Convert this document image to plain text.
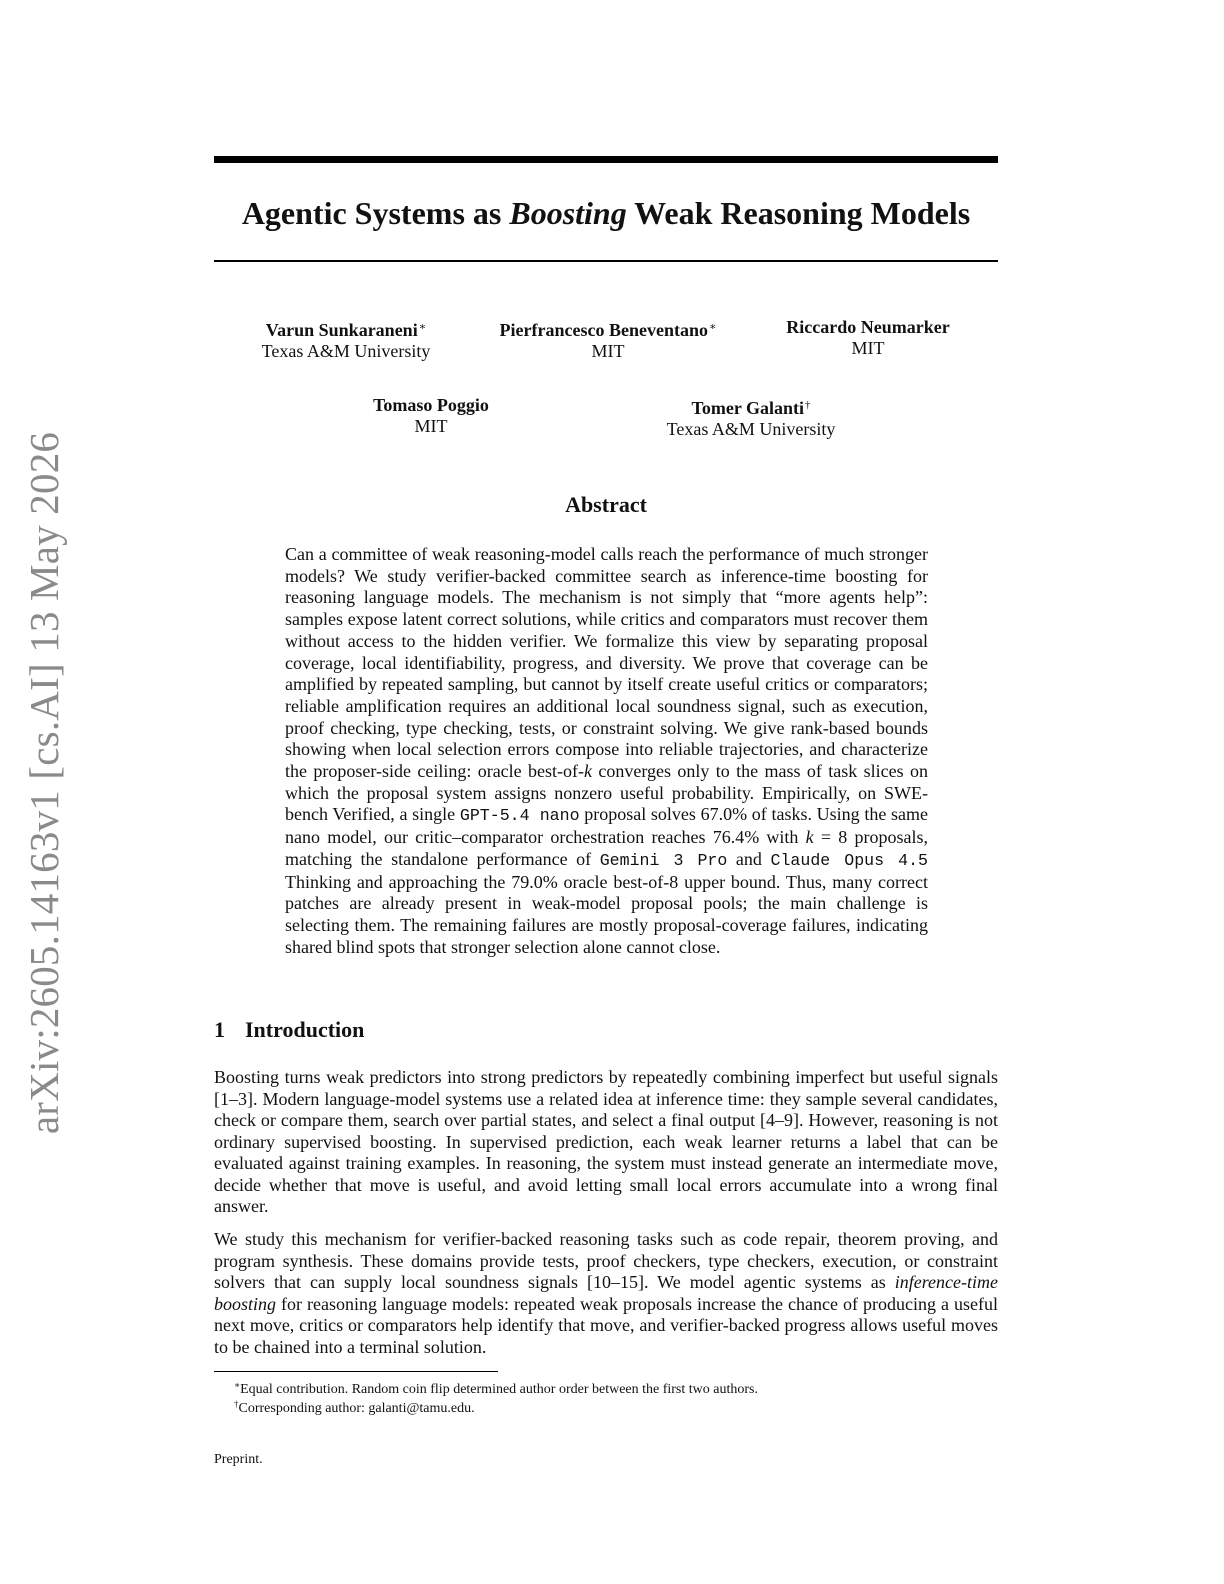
arXiv:2605.14163v1 [cs.AI] 13 May 2026
Agentic Systems as Boosting Weak Reasoning Models
Varun Sunkaraneni∗
Texas A&M University
Pierfrancesco Beneventano∗
MIT
Riccardo Neumarker
MIT
Tomaso Poggio
MIT
Tomer Galanti†
Texas A&M University
Abstract

Can a committee of weak reasoning-model calls reach the performance of much stronger models? We study verifier-backed committee search as inference-time boosting for reasoning language models. The mechanism is not simply that “more agents help”: samples expose latent correct solutions, while critics and comparators must recover them without access to the hidden verifier. We formalize this view by separating proposal coverage, local identifiability, progress, and diversity. We prove that coverage can be amplified by repeated sampling, but cannot by itself create useful critics or comparators; reliable amplification requires an additional local soundness signal, such as execution, proof checking, type checking, tests, or constraint solving. We give rank-based bounds showing when local selection errors compose into reliable trajectories, and characterize the proposer-side ceiling: oracle best-of-k converges only to the mass of task slices on which the proposal system assigns nonzero useful probability. Empirically, on SWE-bench Verified, a single GPT-5.4 nano proposal solves 67.0% of tasks. Using the same nano model, our critic–comparator orchestration reaches 76.4% with k = 8 proposals, matching the standalone performance of Gemini 3 Pro and Claude Opus 4.5 Thinking and approaching the 79.0% oracle best-of-8 upper bound. Thus, many correct patches are already present in weak-model proposal pools; the main challenge is selecting them. The remaining failures are mostly proposal-coverage failures, indicating shared blind spots that stronger selection alone cannot close.

1 Introduction

Boosting turns weak predictors into strong predictors by repeatedly combining imperfect but useful signals [1–3]. Modern language-model systems use a related idea at inference time: they sample several candidates, check or compare them, search over partial states, and select a final output [4–9]. However, reasoning is not ordinary supervised boosting. In supervised prediction, each weak learner returns a label that can be evaluated against training examples. In reasoning, the system must instead generate an intermediate move, decide whether that move is useful, and avoid letting small local errors accumulate into a wrong final answer.

We study this mechanism for verifier-backed reasoning tasks such as code repair, theorem proving, and program synthesis. These domains provide tests, proof checkers, type checkers, execution, or constraint solvers that can supply local soundness signals [10–15]. We model agentic systems as inference-time boosting for reasoning language models: repeated weak proposals increase the chance of producing a useful next move, critics or comparators help identify that move, and verifier-backed progress allows useful moves to be chained into a terminal solution.

∗Equal contribution. Random coin flip determined author order between the first two authors.
†Corresponding author: galanti@tamu.edu.
Preprint.
